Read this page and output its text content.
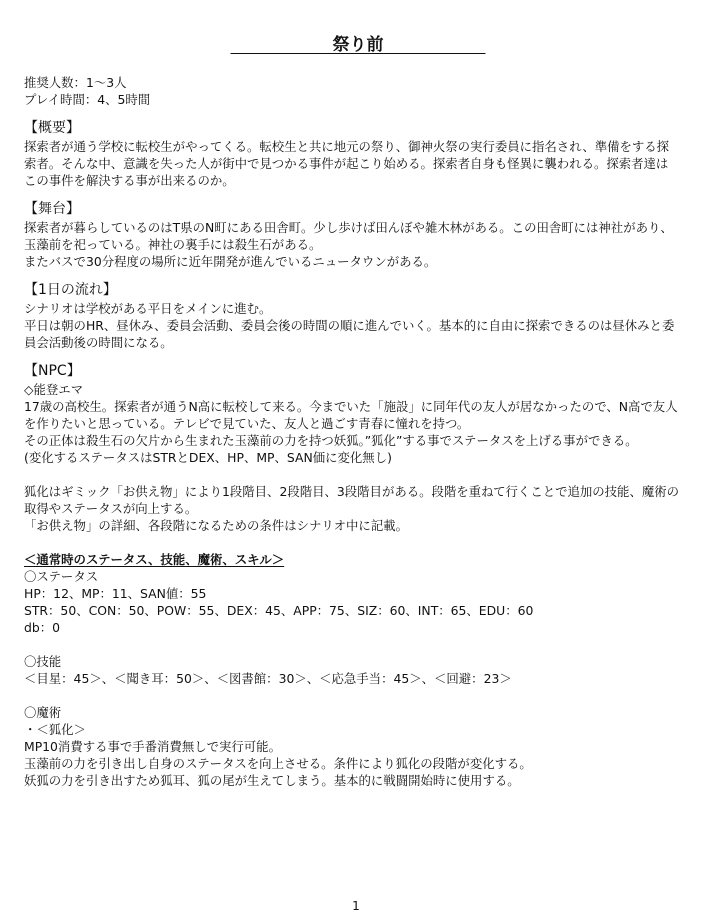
　　　　　　祭り前　　　　　　

推奨人数：1～3人

プレイ時間：4、5時間

【概要】

探索者が通う学校に転校生がやってくる。転校生と共に地元の祭り、御神火祭の実行委員に指名され、準備をする探

索者。そんな中、意識を失った人が街中で見つかる事件が起こり始める。探索者自身も怪異に襲われる。探索者達は

この事件を解決する事が出来るのか。

【舞台】

探索者が暮らしているのはT県のN町にある田舎町。少し歩けば田んぼや雑木林がある。この田舎町には神社があり、

玉藻前を祀っている。神社の裏手には殺生石がある。

またバスで30分程度の場所に近年開発が進んでいるニュータウンがある。

【1日の流れ】

シナリオは学校がある平日をメインに進む。

平日は朝のHR、昼休み、委員会活動、委員会後の時間の順に進んでいく。基本的に自由に探索できるのは昼休みと委

員会活動後の時間になる。

【NPC】

◇能登エマ

17歳の高校生。探索者が通うN高に転校して来る。今までいた「施設」に同年代の友人が居なかったので、N高で友人

を作りたいと思っている。テレビで見ていた、友人と過ごす青春に憧れを持つ。

その正体は殺生石の欠片から生まれた玉藻前の力を持つ妖狐。”狐化”する事でステータスを上げる事ができる。

(変化するステータスはSTRとDEX、HP、MP、SAN価に変化無し)

狐化はギミック「お供え物」により1段階目、2段階目、3段階目がある。段階を重ねて行くことで追加の技能、魔術の

取得やステータスが向上する。

「お供え物」の詳細、各段階になるための条件はシナリオ中に記載。

＜通常時のステータス、技能、魔術、スキル＞

〇ステータス

HP：12、MP：11、SAN値：55

STR：50、CON：50、POW：55、DEX：45、APP：75、SIZ：60、INT：65、EDU：60

db：0

〇技能

＜目星：45＞、＜聞き耳：50＞、＜図書館：30＞、＜応急手当：45＞、＜回避：23＞

〇魔術

・＜狐化＞

MP10消費する事で手番消費無しで実行可能。

玉藻前の力を引き出し自身のステータスを向上させる。条件により狐化の段階が変化する。

妖狐の力を引き出すため狐耳、狐の尾が生えてしまう。基本的に戦闘開始時に使用する。

1
